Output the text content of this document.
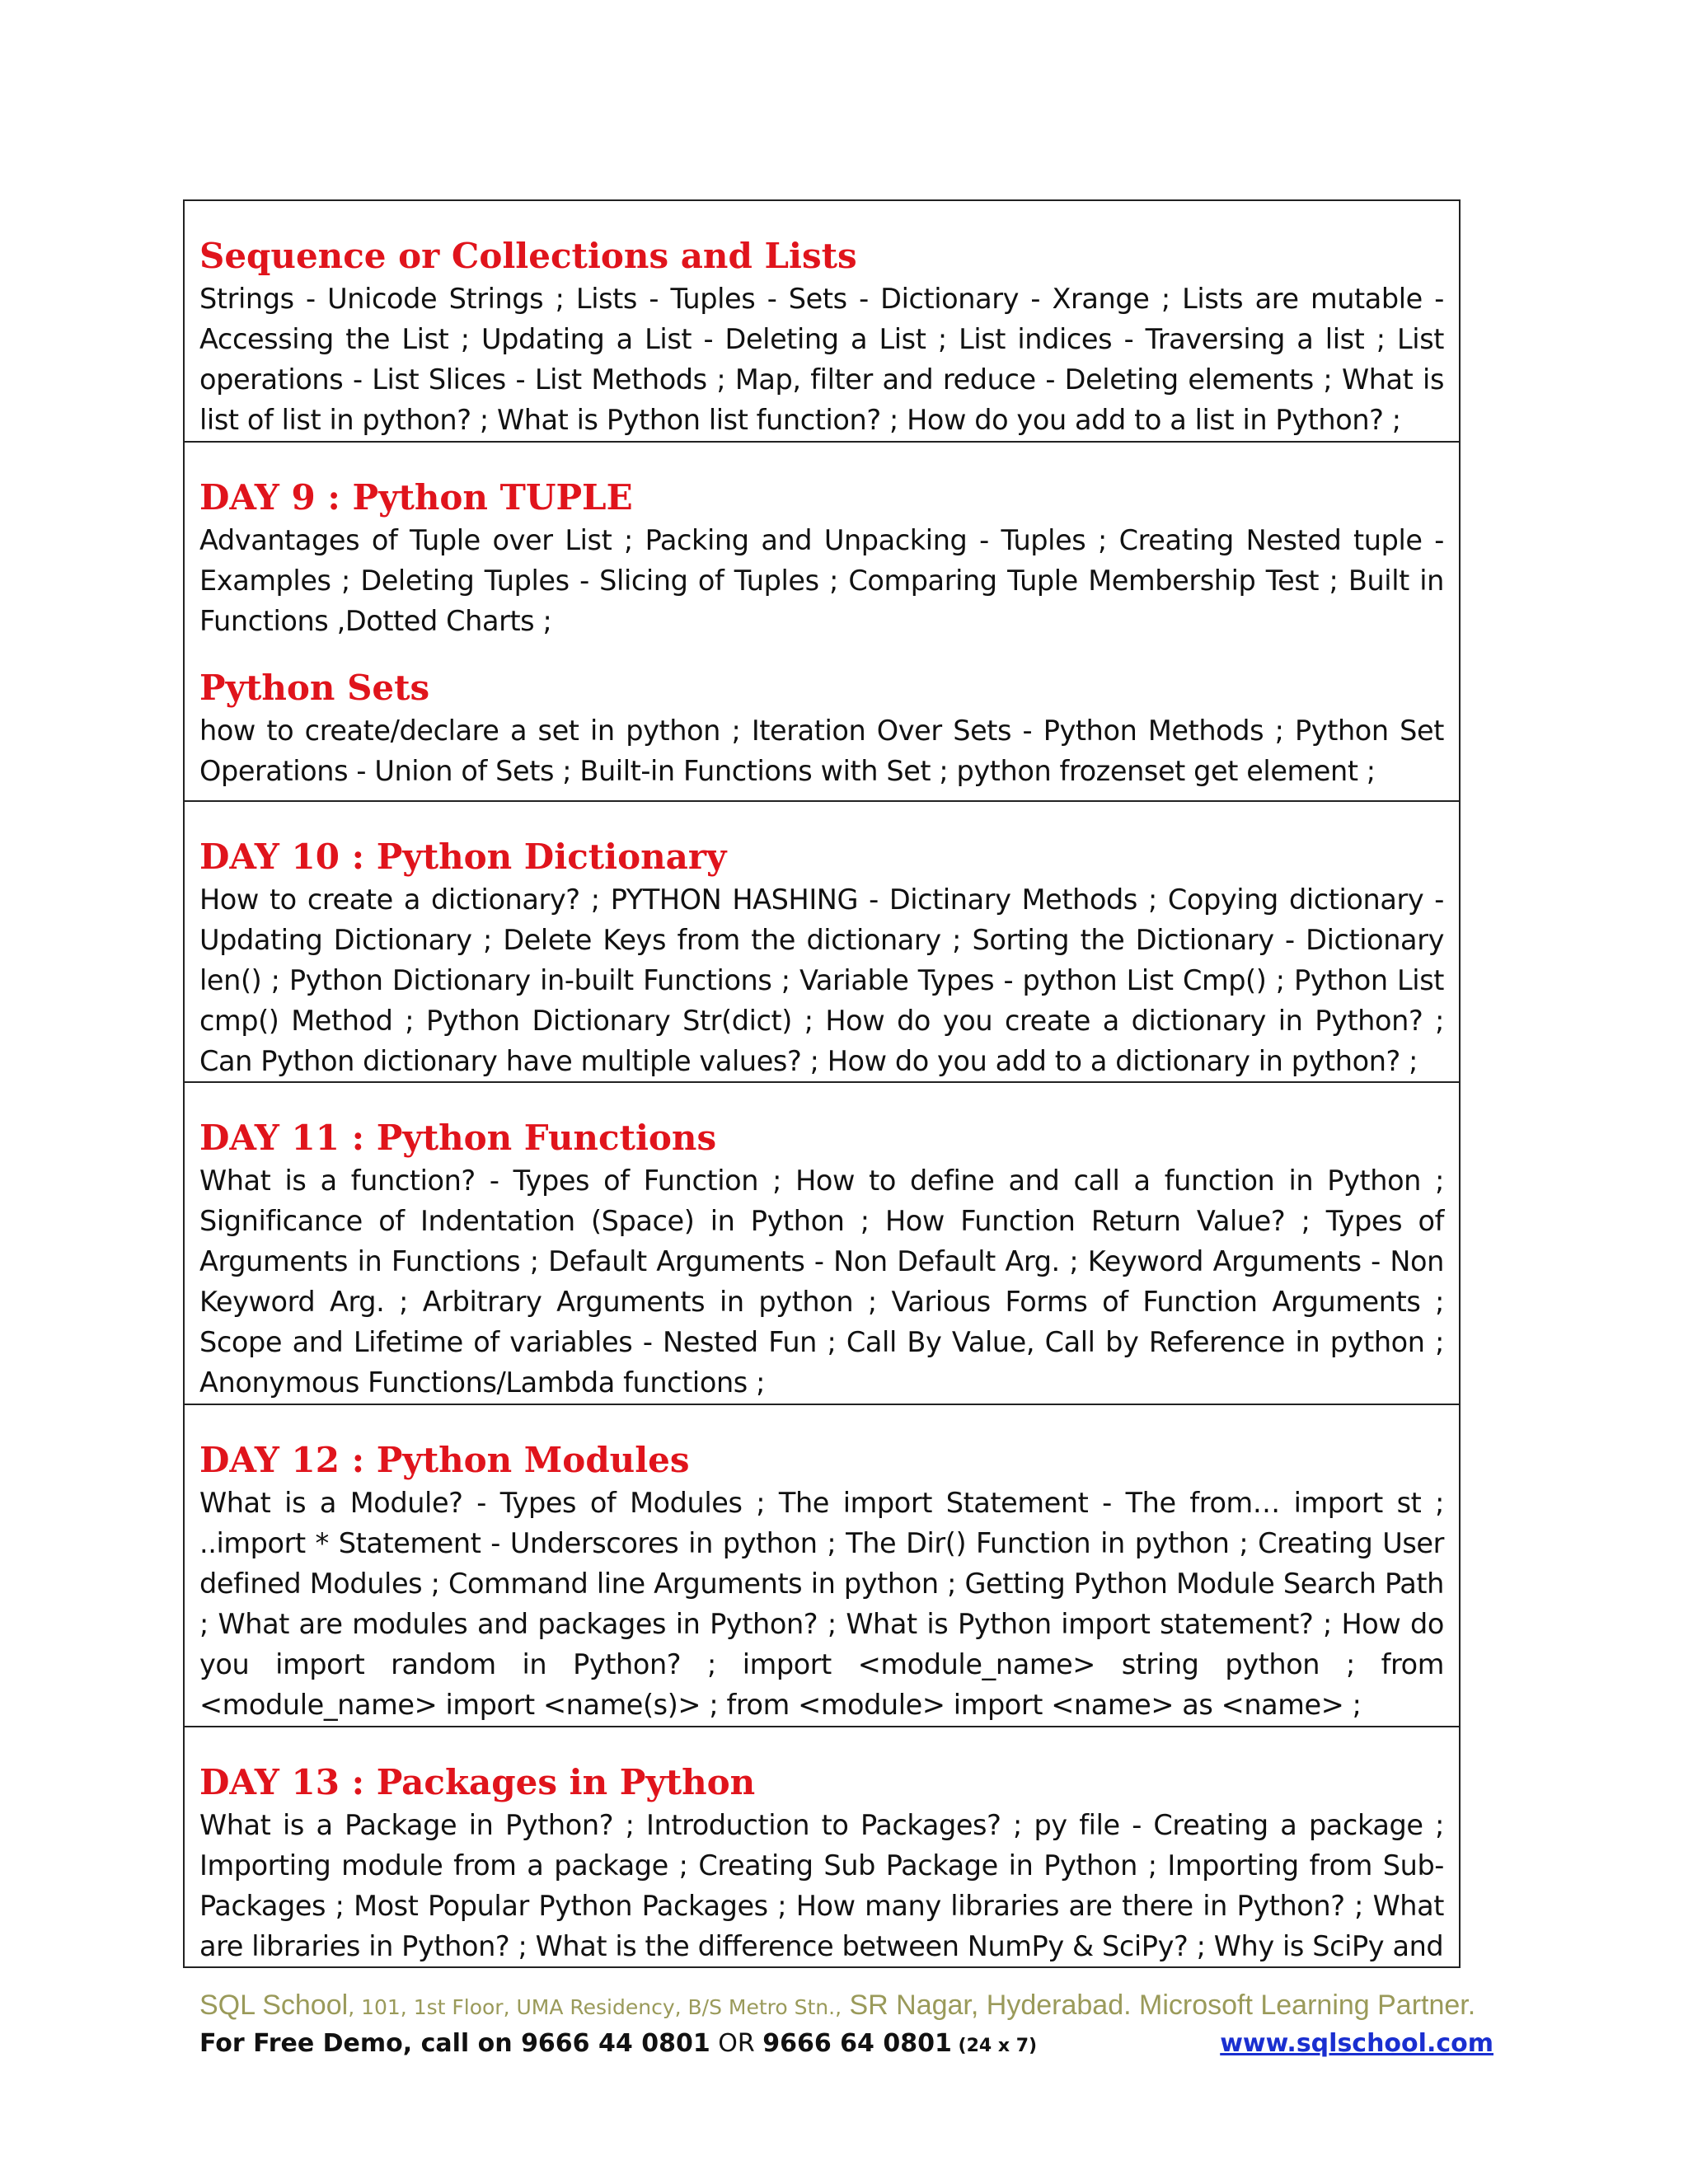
Sequence or Collections and Lists

Strings - Unicode Strings ; Lists - Tuples - Sets - Dictionary - Xrange ; Lists are mutable - Accessing the List ; Updating a List - Deleting a List ; List indices - Traversing a list ; List operations - List Slices - List Methods ; Map, filter and reduce - Deleting elements ; What is list of list in python? ; What is Python list function? ; How do you add to a list in Python? ;

DAY 9 : Python TUPLE

Advantages of Tuple over List ; Packing and Unpacking - Tuples ; Creating Nested tuple - Examples ; Deleting Tuples - Slicing of Tuples ; Comparing Tuple Membership Test ; Built in Functions ,Dotted Charts ;

Python Sets

how to create/declare a set in python ; Iteration Over Sets - Python Methods ; Python Set Operations - Union of Sets ; Built-in Functions with Set ; python frozenset get element ;

DAY 10 : Python Dictionary

How to create a dictionary? ; PYTHON HASHING - Dictinary Methods ; Copying dictionary - Updating Dictionary ; Delete Keys from the dictionary ; Sorting the Dictionary - Dictionary len() ; Python Dictionary in-built Functions ; Variable Types - python List Cmp() ; Python List cmp() Method ; Python Dictionary Str(dict) ; How do you create a dictionary in Python? ; Can Python dictionary have multiple values? ; How do you add to a dictionary in python? ;

DAY 11 : Python Functions

What is a function? - Types of Function ; How to define and call a function in Python ; Significance of Indentation (Space) in Python ; How Function Return Value? ; Types of Arguments in Functions ; Default Arguments - Non Default Arg. ; Keyword Arguments - Non Keyword Arg. ; Arbitrary Arguments in python ; Various Forms of Function Arguments ; Scope and Lifetime of variables - Nested Fun ; Call By Value, Call by Reference in python ; Anonymous Functions/Lambda functions ;

DAY 12 : Python Modules

What is a Module? - Types of Modules ; The import Statement - The from… import st ; ..import * Statement - Underscores in python ; The Dir() Function in python ; Creating User defined Modules ; Command line Arguments in python ; Getting Python Module Search Path ; What are modules and packages in Python? ; What is Python import statement? ; How do you import random in Python? ; import <module_name> string python ; from <module_name> import <name(s)> ; from <module> import <name> as <name> ;

DAY 13 : Packages in Python

What is a Package in Python? ; Introduction to Packages? ; py file - Creating a package ; Importing module from a package ; Creating Sub Package in Python ; Importing from Sub-Packages ; Most Popular Python Packages ; How many libraries are there in Python? ; What are libraries in Python? ; What is the difference between NumPy & SciPy? ; Why is SciPy and

SQL School, 101, 1st Floor, UMA Residency, B/S Metro Stn., SR Nagar, Hyderabad. Microsoft Learning Partner.
For Free Demo, call on 9666 44 0801 OR 9666 64 0801 (24 x 7)	www.sqlschool.com
